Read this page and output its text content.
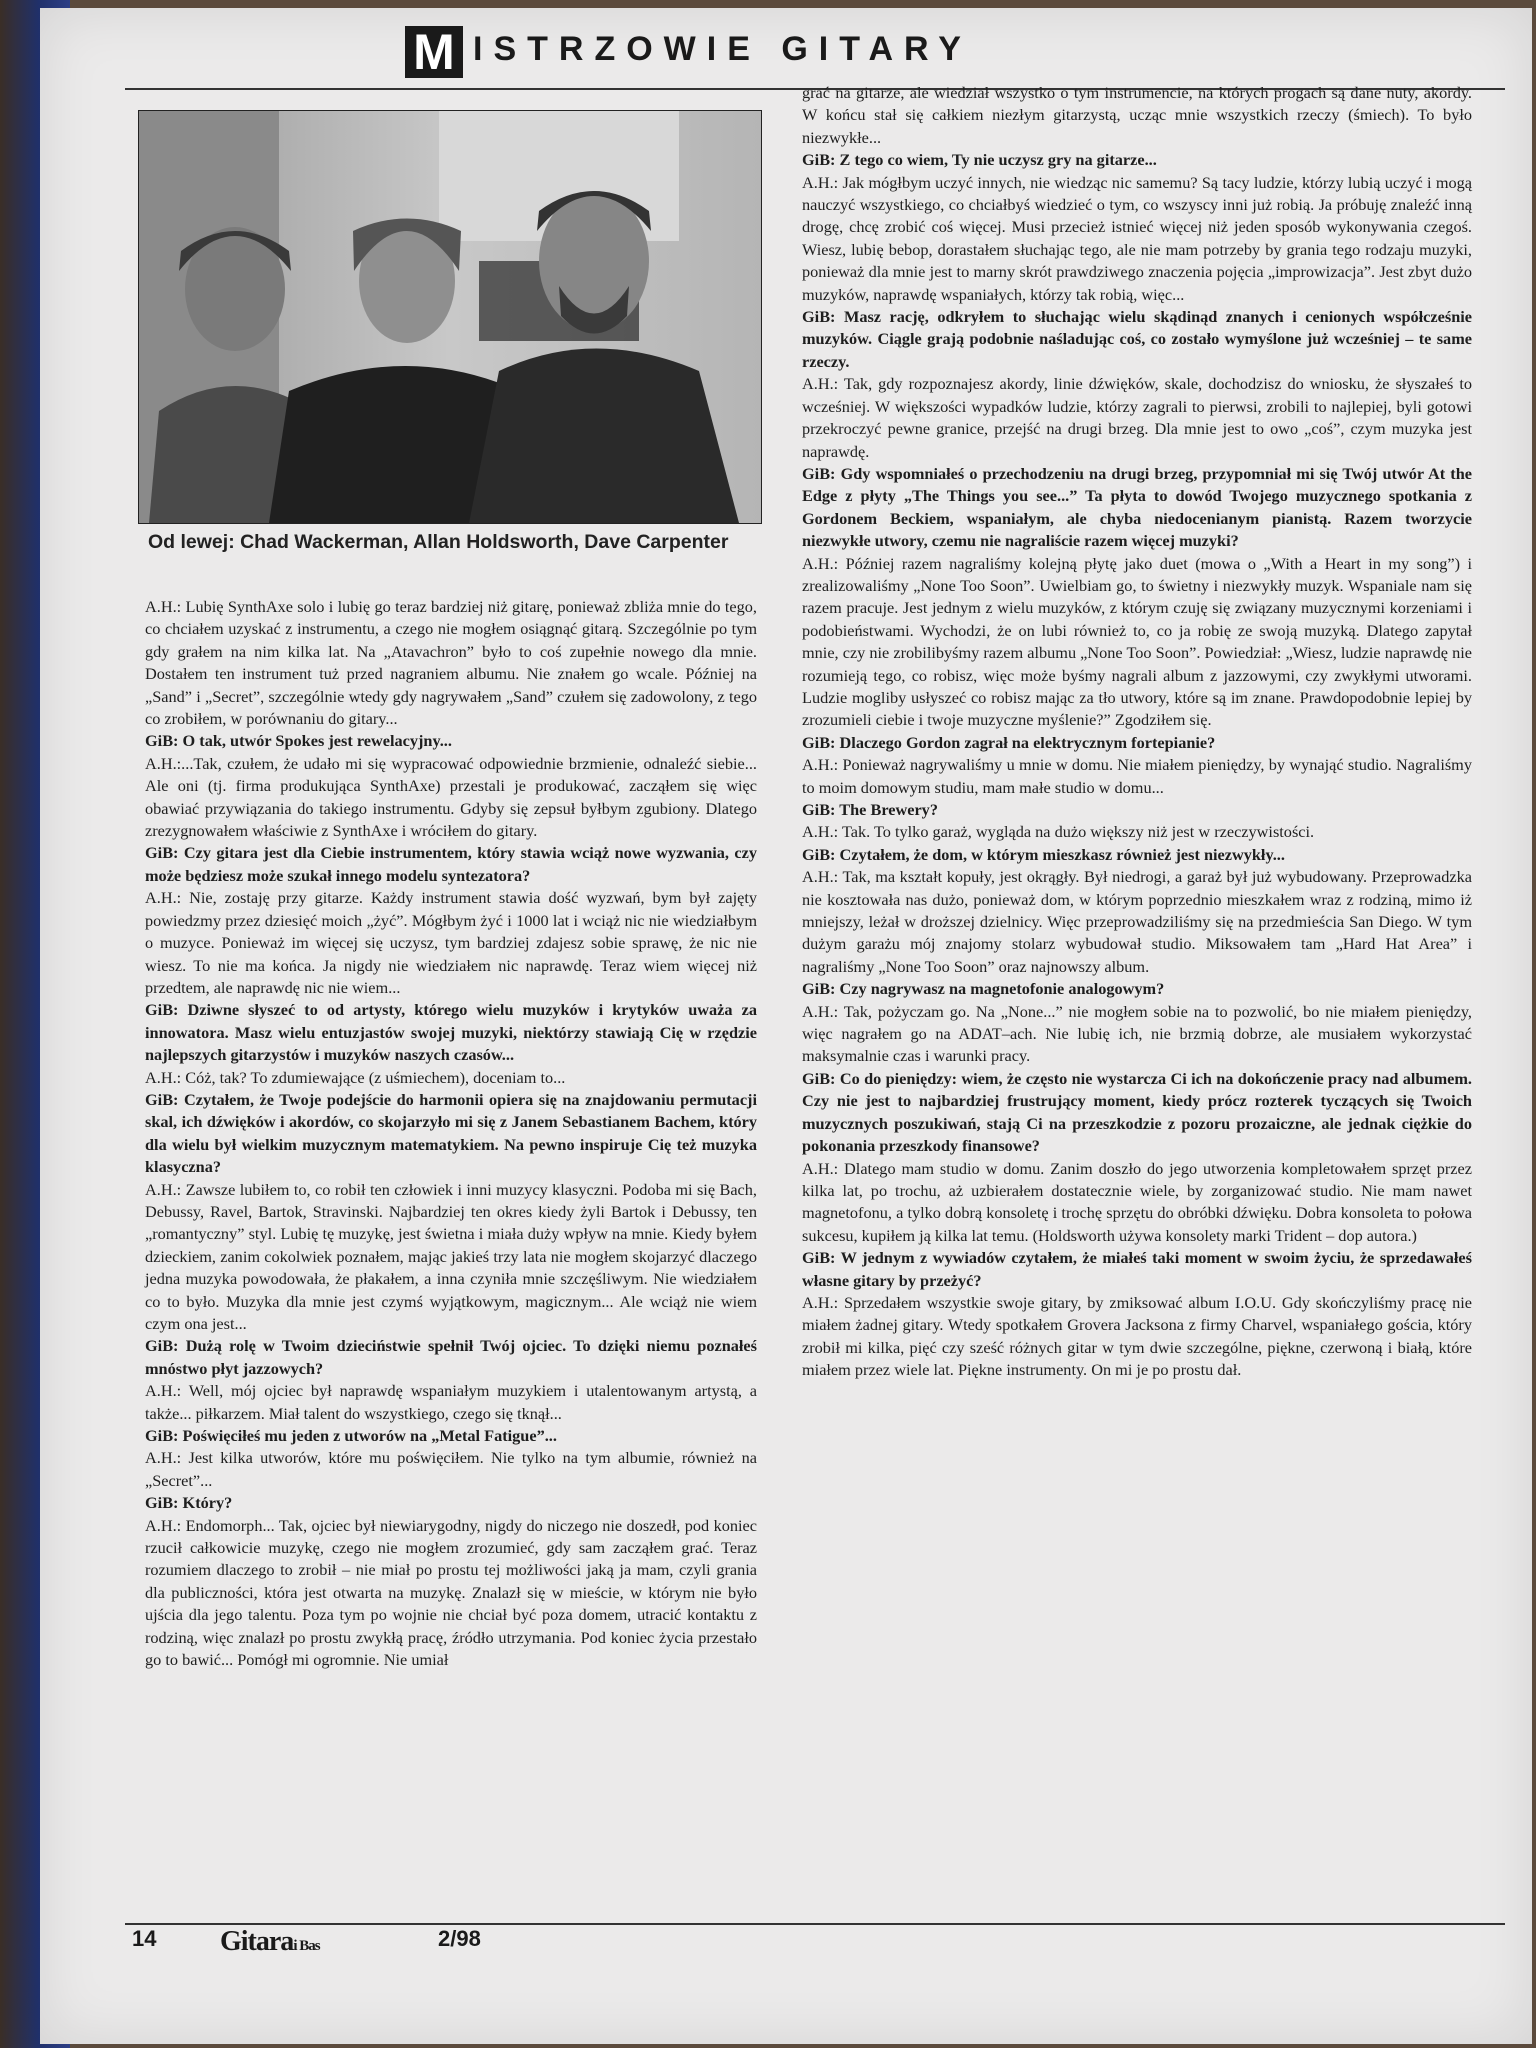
M ISTRZOWIE GITARY
Od lewej: Chad Wackerman, Allan Holdsworth, Dave Carpenter

A.H.: Lubię SynthAxe solo i lubię go teraz bardziej niż gitarę, ponieważ zbliża mnie do tego, co chciałem uzyskać z instrumentu, a czego nie mogłem osiągnąć gitarą. Szczególnie po tym gdy grałem na nim kilka lat. Na „Atavachron” było to coś zupełnie nowego dla mnie. Dostałem ten instrument tuż przed nagraniem albumu. Nie znałem go wcale. Później na „Sand” i „Secret”, szczególnie wtedy gdy nagrywałem „Sand” czułem się zadowolony, z tego co zrobiłem, w porównaniu do gitary...

GiB: O tak, utwór Spokes jest rewelacyjny...

A.H.:...Tak, czułem, że udało mi się wypracować odpowiednie brzmienie, odnaleźć siebie... Ale oni (tj. firma produkująca SynthAxe) przestali je produkować, zacząłem się więc obawiać przywiązania do takiego instrumentu. Gdyby się zepsuł byłbym zgubiony. Dlatego zrezygnowałem właściwie z SynthAxe i wróciłem do gitary.

GiB: Czy gitara jest dla Ciebie instrumentem, który stawia wciąż nowe wyzwania, czy może będziesz może szukał innego modelu syntezatora?

A.H.: Nie, zostaję przy gitarze. Każdy instrument stawia dość wyzwań, bym był zajęty powiedzmy przez dziesięć moich „żyć”. Mógłbym żyć i 1000 lat i wciąż nic nie wiedziałbym o muzyce. Ponieważ im więcej się uczysz, tym bardziej zdajesz sobie sprawę, że nic nie wiesz. To nie ma końca. Ja nigdy nie wiedziałem nic naprawdę. Teraz wiem więcej niż przedtem, ale naprawdę nic nie wiem...

GiB: Dziwne słyszeć to od artysty, którego wielu muzyków i krytyków uważa za innowatora. Masz wielu entuzjastów swojej muzyki, niektórzy stawiają Cię w rzędzie najlepszych gitarzystów i muzyków naszych czasów...

A.H.: Cóż, tak? To zdumiewające (z uśmiechem), doceniam to...

GiB: Czytałem, że Twoje podejście do harmonii opiera się na znajdowaniu permutacji skal, ich dźwięków i akordów, co skojarzyło mi się z Janem Sebastianem Bachem, który dla wielu był wielkim muzycznym matematykiem. Na pewno inspiruje Cię też muzyka klasyczna?

A.H.: Zawsze lubiłem to, co robił ten człowiek i inni muzycy klasyczni. Podoba mi się Bach, Debussy, Ravel, Bartok, Stravinski. Najbardziej ten okres kiedy żyli Bartok i Debussy, ten „romantyczny” styl. Lubię tę muzykę, jest świetna i miała duży wpływ na mnie. Kiedy byłem dzieckiem, zanim cokolwiek poznałem, mając jakieś trzy lata nie mogłem skojarzyć dlaczego jedna muzyka powodowała, że płakałem, a inna czyniła mnie szczęśliwym. Nie wiedziałem co to było. Muzyka dla mnie jest czymś wyjątkowym, magicznym... Ale wciąż nie wiem czym ona jest...

GiB: Dużą rolę w Twoim dzieciństwie spełnił Twój ojciec. To dzięki niemu poznałeś mnóstwo płyt jazzowych?

A.H.: Well, mój ojciec był naprawdę wspaniałym muzykiem i utalentowanym artystą, a także... piłkarzem. Miał talent do wszystkiego, czego się tknął...

GiB: Poświęciłeś mu jeden z utworów na „Metal Fatigue”...

A.H.: Jest kilka utworów, które mu poświęciłem. Nie tylko na tym albumie, również na „Secret”...

GiB: Który?

A.H.: Endomorph... Tak, ojciec był niewiarygodny, nigdy do niczego nie doszedł, pod koniec rzucił całkowicie muzykę, czego nie mogłem zrozumieć, gdy sam zacząłem grać. Teraz rozumiem dlaczego to zrobił – nie miał po prostu tej możliwości jaką ja mam, czyli grania dla publiczności, która jest otwarta na muzykę. Znalazł się w mieście, w którym nie było ujścia dla jego talentu. Poza tym po wojnie nie chciał być poza domem, utracić kontaktu z rodziną, więc znalazł po prostu zwykłą pracę, źródło utrzymania. Pod koniec życia przestało go to bawić... Pomógł mi ogromnie. Nie umiał

grać na gitarze, ale wiedział wszystko o tym instrumencie, na których progach są dane nuty, akordy. W końcu stał się całkiem niezłym gitarzystą, ucząc mnie wszystkich rzeczy (śmiech). To było niezwykłe...

GiB: Z tego co wiem, Ty nie uczysz gry na gitarze...

A.H.: Jak mógłbym uczyć innych, nie wiedząc nic samemu? Są tacy ludzie, którzy lubią uczyć i mogą nauczyć wszystkiego, co chciałbyś wiedzieć o tym, co wszyscy inni już robią. Ja próbuję znaleźć inną drogę, chcę zrobić coś więcej. Musi przecież istnieć więcej niż jeden sposób wykonywania czegoś. Wiesz, lubię bebop, dorastałem słuchając tego, ale nie mam potrzeby by grania tego rodzaju muzyki, ponieważ dla mnie jest to marny skrót prawdziwego znaczenia pojęcia „improwizacja”. Jest zbyt dużo muzyków, naprawdę wspaniałych, którzy tak robią, więc...

GiB: Masz rację, odkryłem to słuchając wielu skądinąd znanych i cenionych współcześnie muzyków. Ciągle grają podobnie naśladując coś, co zostało wymyślone już wcześniej – te same rzeczy.

A.H.: Tak, gdy rozpoznajesz akordy, linie dźwięków, skale, dochodzisz do wniosku, że słyszałeś to wcześniej. W większości wypadków ludzie, którzy zagrali to pierwsi, zrobili to najlepiej, byli gotowi przekroczyć pewne granice, przejść na drugi brzeg. Dla mnie jest to owo „coś”, czym muzyka jest naprawdę.

GiB: Gdy wspomniałeś o przechodzeniu na drugi brzeg, przypomniał mi się Twój utwór At the Edge z płyty „The Things you see...” Ta płyta to dowód Twojego muzycznego spotkania z Gordonem Beckiem, wspaniałym, ale chyba niedocenianym pianistą. Razem tworzycie niezwykłe utwory, czemu nie nagraliście razem więcej muzyki?

A.H.: Później razem nagraliśmy kolejną płytę jako duet (mowa o „With a Heart in my song”) i zrealizowaliśmy „None Too Soon”. Uwielbiam go, to świetny i niezwykły muzyk. Wspaniale nam się razem pracuje. Jest jednym z wielu muzyków, z którym czuję się związany muzycznymi korzeniami i podobieństwami. Wychodzi, że on lubi również to, co ja robię ze swoją muzyką. Dlatego zapytał mnie, czy nie zrobilibyśmy razem albumu „None Too Soon”. Powiedział: „Wiesz, ludzie naprawdę nie rozumieją tego, co robisz, więc może byśmy nagrali album z jazzowymi, czy zwykłymi utworami. Ludzie mogliby usłyszeć co robisz mając za tło utwory, które są im znane. Prawdopodobnie lepiej by zrozumieli ciebie i twoje muzyczne myślenie?” Zgodziłem się.

GiB: Dlaczego Gordon zagrał na elektrycznym fortepianie?

A.H.: Ponieważ nagrywaliśmy u mnie w domu. Nie miałem pieniędzy, by wynająć studio. Nagraliśmy to moim domowym studiu, mam małe studio w domu...

GiB: The Brewery?

A.H.: Tak. To tylko garaż, wygląda na dużo większy niż jest w rzeczywistości.

GiB: Czytałem, że dom, w którym mieszkasz również jest niezwykły...

A.H.: Tak, ma kształt kopuły, jest okrągły. Był niedrogi, a garaż był już wybudowany. Przeprowadzka nie kosztowała nas dużo, ponieważ dom, w którym poprzednio mieszkałem wraz z rodziną, mimo iż mniejszy, leżał w droższej dzielnicy. Więc przeprowadziliśmy się na przedmieścia San Diego. W tym dużym garażu mój znajomy stolarz wybudował studio. Miksowałem tam „Hard Hat Area” i nagraliśmy „None Too Soon” oraz najnowszy album.

GiB: Czy nagrywasz na magnetofonie analogowym?

A.H.: Tak, pożyczam go. Na „None...” nie mogłem sobie na to pozwolić, bo nie miałem pieniędzy, więc nagrałem go na ADAT–ach. Nie lubię ich, nie brzmią dobrze, ale musiałem wykorzystać maksymalnie czas i warunki pracy.

GiB: Co do pieniędzy: wiem, że często nie wystarcza Ci ich na dokończenie pracy nad albumem. Czy nie jest to najbardziej frustrujący moment, kiedy prócz rozterek tyczących się Twoich muzycznych poszukiwań, stają Ci na przeszkodzie z pozoru prozaiczne, ale jednak ciężkie do pokonania przeszkody finansowe?

A.H.: Dlatego mam studio w domu. Zanim doszło do jego utworzenia kompletowałem sprzęt przez kilka lat, po trochu, aż uzbierałem dostatecznie wiele, by zorganizować studio. Nie mam nawet magnetofonu, a tylko dobrą konsoletę i trochę sprzętu do obróbki dźwięku. Dobra konsoleta to połowa sukcesu, kupiłem ją kilka lat temu. (Holdsworth używa konsolety marki Trident – dop autora.)

GiB: W jednym z wywiadów czytałem, że miałeś taki moment w swoim życiu, że sprzedawałeś własne gitary by przeżyć?

A.H.: Sprzedałem wszystkie swoje gitary, by zmiksować album I.O.U. Gdy skończyliśmy pracę nie miałem żadnej gitary. Wtedy spotkałem Grovera Jacksona z firmy Charvel, wspaniałego gościa, który zrobił mi kilka, pięć czy sześć różnych gitar w tym dwie szczególne, piękne, czerwoną i białą, które miałem przez wiele lat. Piękne instrumenty. On mi je po prostu dał.

14 Gitarai Bas	2/98
